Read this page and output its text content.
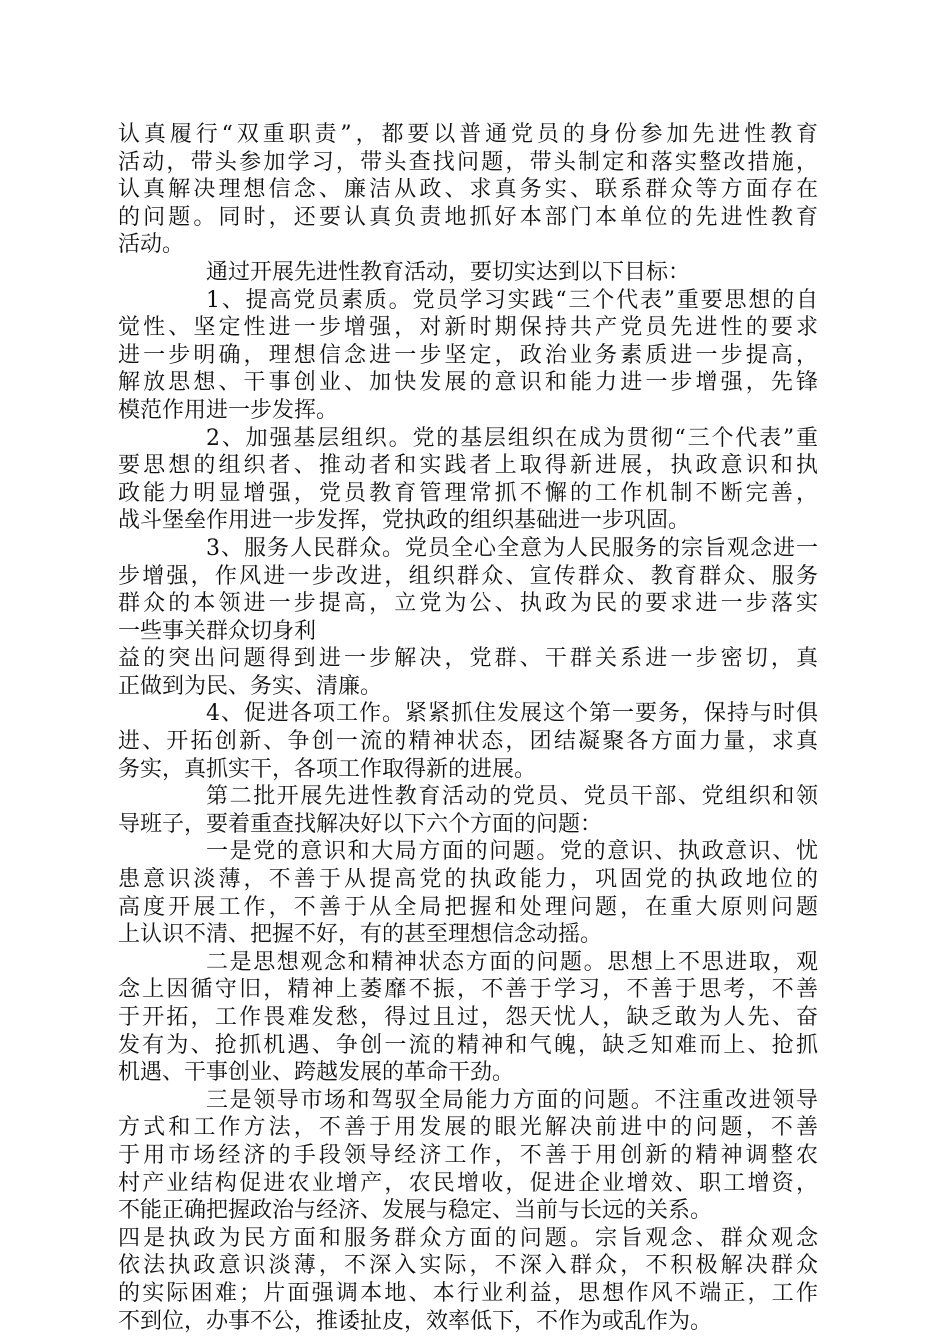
认真履行“双重职责”，都要以普通党员的身份参加先进性教育
活动，带头参加学习，带头查找问题，带头制定和落实整改措施，
认真解决理想信念、廉洁从政、求真务实、联系群众等方面存在
的问题。同时，还要认真负责地抓好本部门本单位的先进性教育
活动。
通过开展先进性教育活动，要切实达到以下目标：
1、提高党员素质。党员学习实践“三个代表”重要思想的自
觉性、坚定性进一步增强，对新时期保持共产党员先进性的要求
进一步明确，理想信念进一步坚定，政治业务素质进一步提高，
解放思想、干事创业、加快发展的意识和能力进一步增强，先锋
模范作用进一步发挥。
2、加强基层组织。党的基层组织在成为贯彻“三个代表”重
要思想的组织者、推动者和实践者上取得新进展，执政意识和执
政能力明显增强，党员教育管理常抓不懈的工作机制不断完善，
战斗堡垒作用进一步发挥，党执政的组织基础进一步巩固。
3、服务人民群众。党员全心全意为人民服务的宗旨观念进一
步增强，作风进一步改进，组织群众、宣传群众、教育群众、服务
群众的本领进一步提高，立党为公、执政为民的要求进一步落实
一些事关群众切身利
益的突出问题得到进一步解决，党群、干群关系进一步密切，真
正做到为民、务实、清廉。
4、促进各项工作。紧紧抓住发展这个第一要务，保持与时俱
进、开拓创新、争创一流的精神状态，团结凝聚各方面力量，求真
务实，真抓实干，各项工作取得新的进展。
第二批开展先进性教育活动的党员、党员干部、党组织和领
导班子，要着重查找解决好以下六个方面的问题：
一是党的意识和大局方面的问题。党的意识、执政意识、忧
患意识淡薄，不善于从提高党的执政能力，巩固党的执政地位的
高度开展工作，不善于从全局把握和处理问题，在重大原则问题
上认识不清、把握不好，有的甚至理想信念动摇。
二是思想观念和精神状态方面的问题。思想上不思进取，观
念上因循守旧，精神上萎靡不振，不善于学习，不善于思考，不善
于开拓，工作畏难发愁，得过且过，怨天忧人，缺乏敢为人先、奋
发有为、抢抓机遇、争创一流的精神和气魄，缺乏知难而上、抢抓
机遇、干事创业、跨越发展的革命干劲。
三是领导市场和驾驭全局能力方面的问题。不注重改进领导
方式和工作方法，不善于用发展的眼光解决前进中的问题，不善
于用市场经济的手段领导经济工作，不善于用创新的精神调整农
村产业结构促进农业增产，农民增收，促进企业增效、职工增资，
不能正确把握政治与经济、发展与稳定、当前与长远的关系。
四是执政为民方面和服务群众方面的问题。宗旨观念、群众观念
依法执政意识淡薄，不深入实际，不深入群众，不积极解决群众
的实际困难；片面强调本地、本行业利益，思想作风不端正，工作
不到位，办事不公，推诿扯皮，效率低下，不作为或乱作为。
